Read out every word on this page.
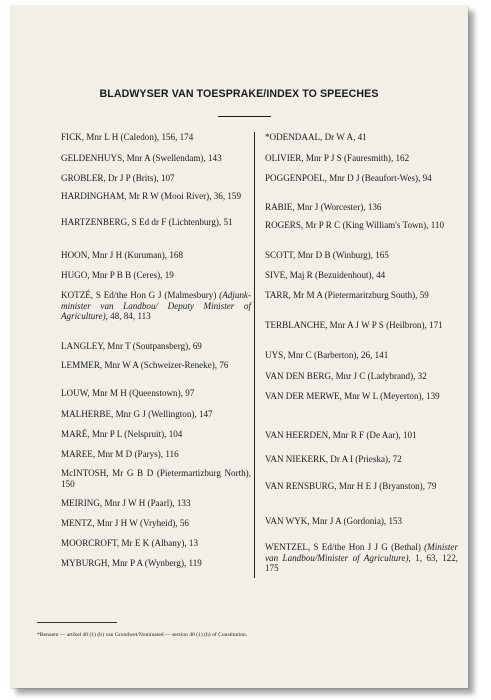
BLADWYSER VAN TOESPRAKE/INDEX TO SPEECHES
FICK, Mnr L H (Caledon), 156, 174
GELDENHUYS, Mnr A (Swellendam), 143
GROBLER, Dr J P (Brits), 107
HARDINGHAM, Mr R W (Mooi River), 36, 159
HARTZENBERG, S Ed dr F (Lichtenburg), 51
HOON, Mnr J H (Kuruman), 168
HUGO, Mnr P B B (Ceres), 19
KOTZÉ, S Ed/the Hon G J (Malmesbury) (Adjunk-minister van Landbou/ Deputy Minister of Agriculture), 48, 84, 113
LANGLEY, Mnr T (Soutpansberg), 69
LEMMER, Mnr W A (Schweizer-Reneke), 76
LOUW, Mnr M H (Queenstown), 97
MALHERBE, Mnr G J (Wellington), 147
MARÉ, Mnr P L (Nelspruit), 104
MAREE, Mnr M D (Parys), 116
McINTOSH, Mr G B D (Pietermartizburg North), 150
MEIRING, Mnr J W H (Paarl), 133
MENTZ, Mnr J H W (Vryheid), 56
MOORCROFT, Mr E K (Albany), 13
MYBURGH, Mnr P A (Wynberg), 119
*ODENDAAL, Dr W A, 41
OLIVIER, Mnr P J S (Fauresmith), 162
POGGENPOEL, Mnr D J (Beaufort-Wes), 94
RABIE, Mnr J (Worcester), 136
ROGERS, Mr P R C (King William's Town), 110
SCOTT, Mnr D B (Winburg), 165
SIVE, Maj R (Bezuidenhout), 44
TARR, Mr M A (Pietermaritzburg South), 59
TERBLANCHE, Mnr A J W P S (Heilbron), 171
UYS, Mnr C (Barberton), 26, 141
VAN DEN BERG, Mnr J C (Ladybrand), 32
VAN DER MERWE, Mnr W L (Meyerton), 139
VAN HEERDEN, Mnr R F (De Aar), 101
VAN NIEKERK, Dr A I (Prieska), 72
VAN RENSBURG, Mnr H E J (Bryanston), 79
VAN WYK, Mnr J A (Gordonia), 153
WENTZEL, S Ed/the Hon J J G (Bethal) (Minister van Landbou/Minister of Agriculture), 1, 63, 122, 175
*Benoem — artikel 40 (1) (b) van Grondwet/Nominated — section 40 (1) (b) of Constitution.
